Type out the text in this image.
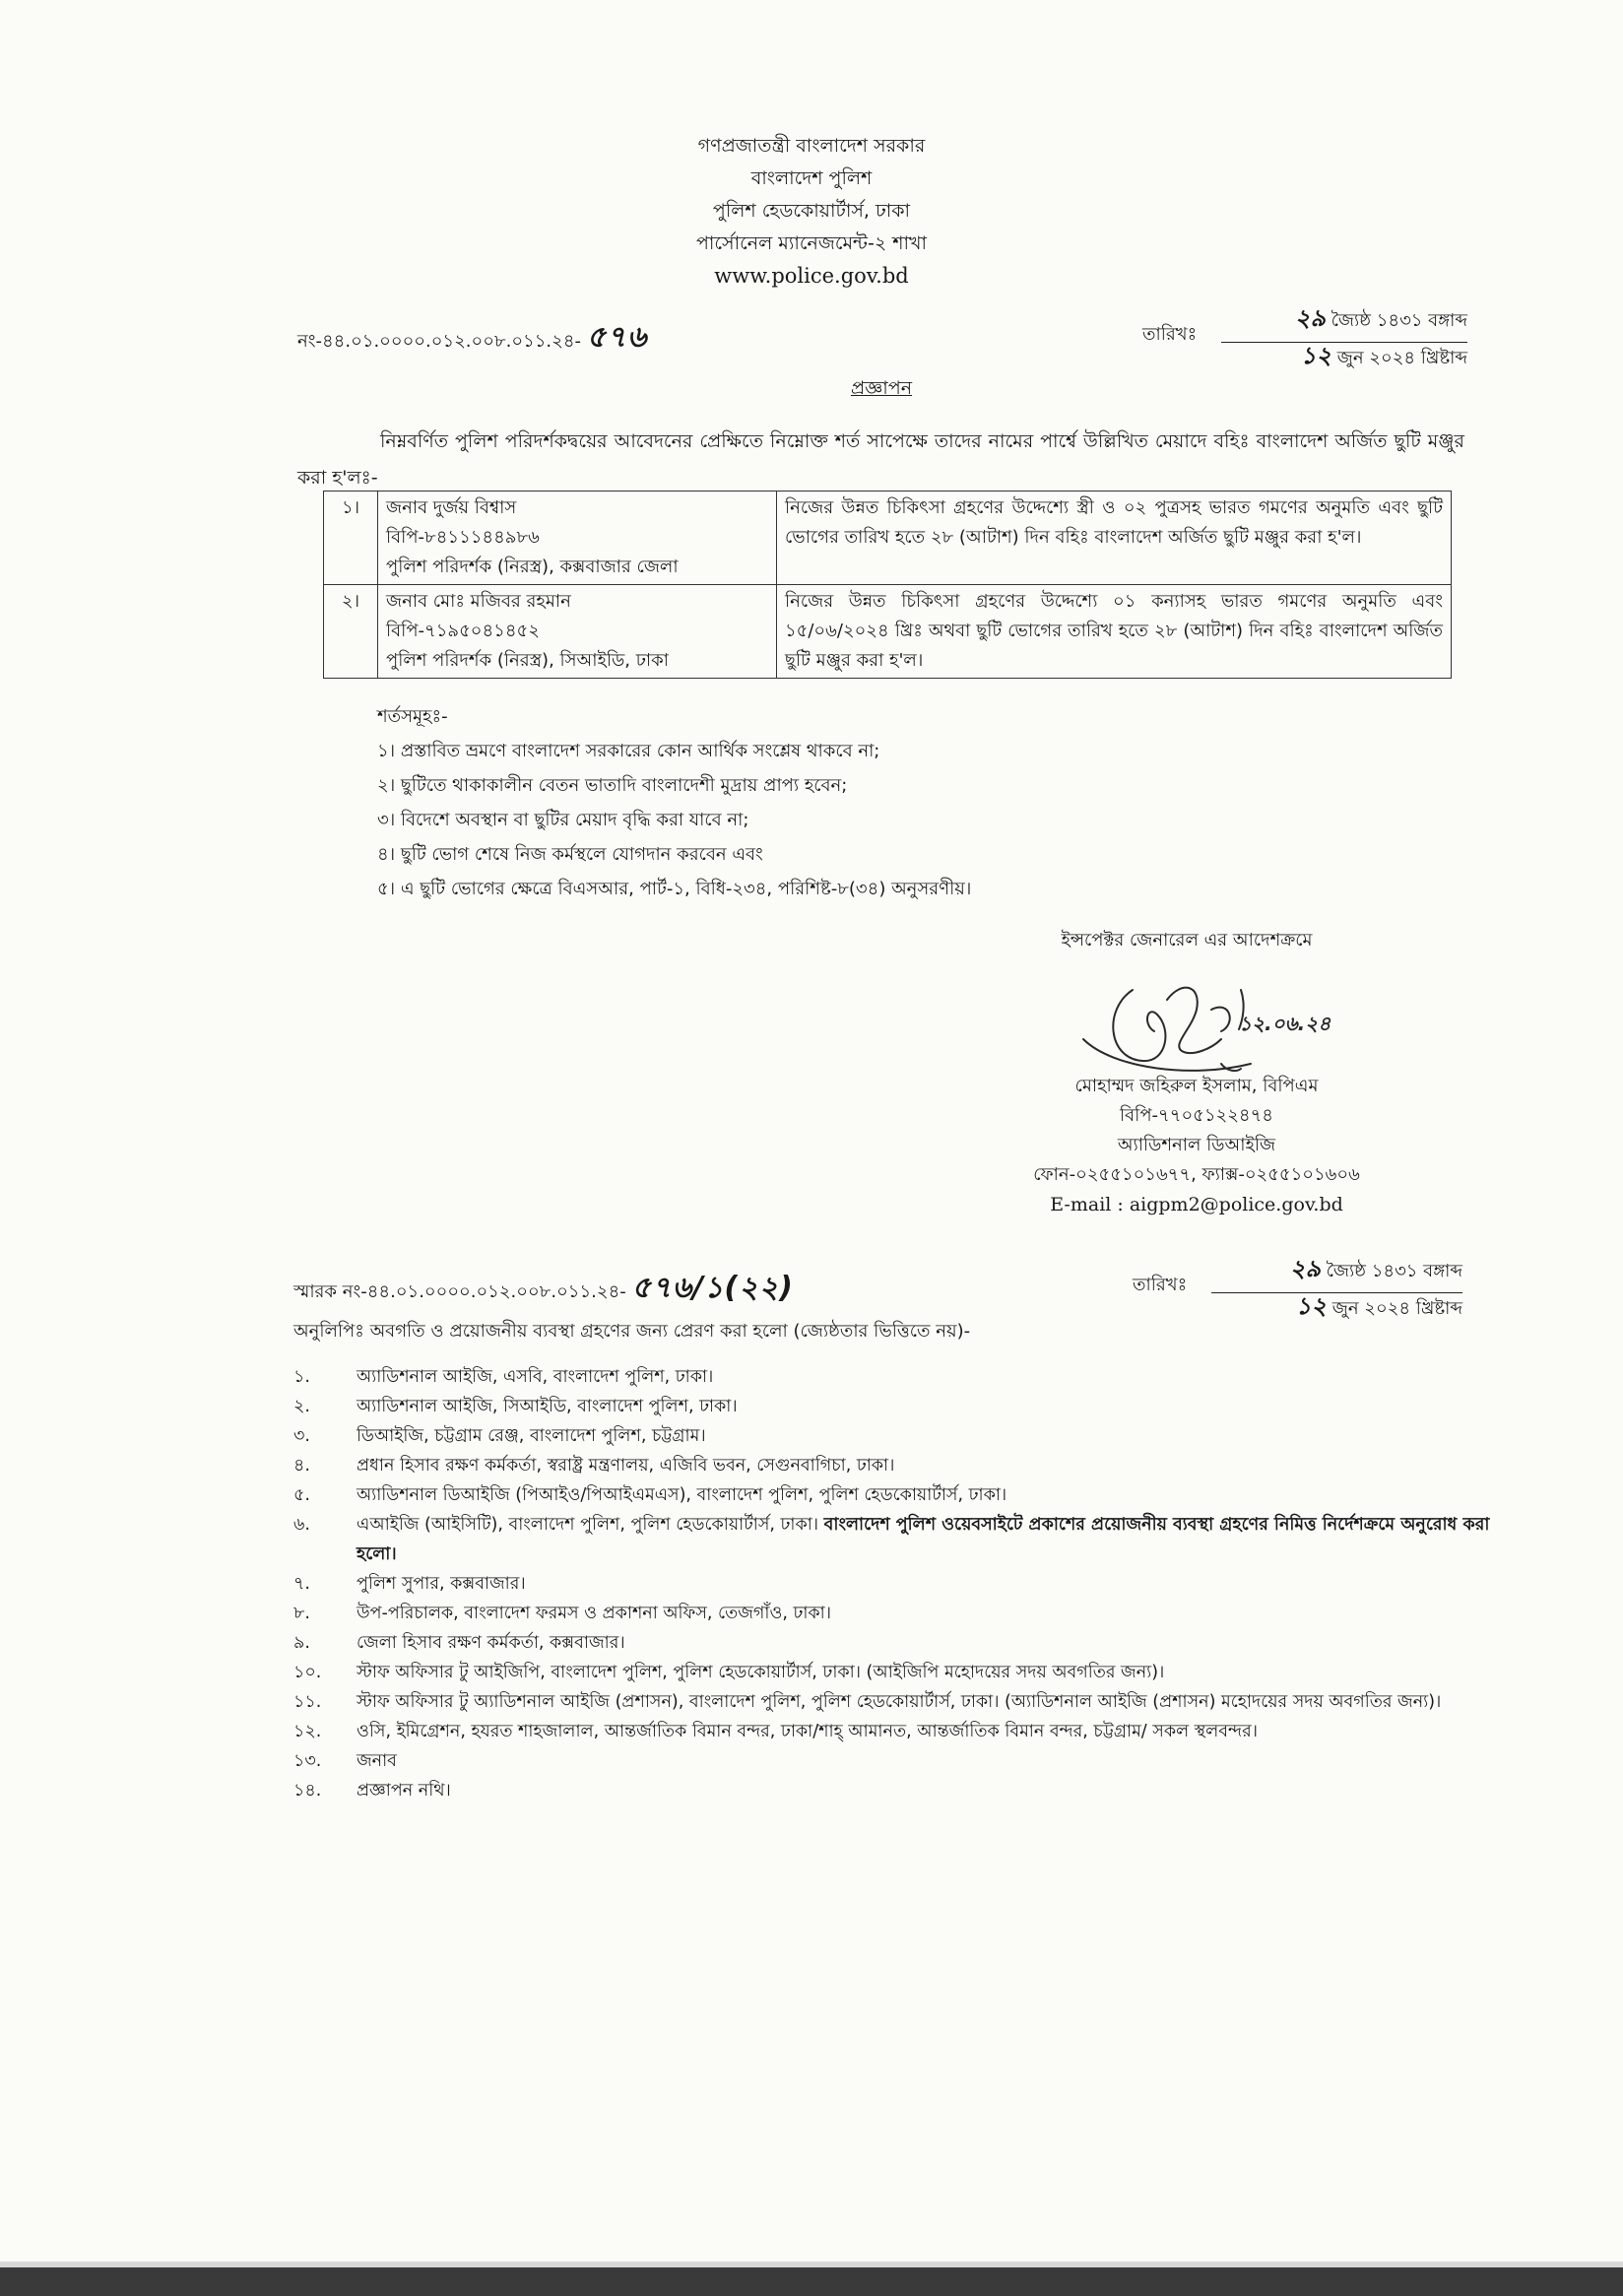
গণপ্রজাতন্ত্রী বাংলাদেশ সরকার
বাংলাদেশ পুলিশ
পুলিশ হেডকোয়ার্টার্স, ঢাকা
পার্সোনেল ম্যানেজমেন্ট-২ শাখা
www.police.gov.bd
নং-৪৪.০১.০০০০.০১২.০০৮.০১১.২৪- ৫৭৬	তারিখঃ
২৯ জ্যৈষ্ঠ ১৪৩১ বঙ্গাব্দ
১২ জুন ২০২৪ খ্রিষ্টাব্দ
প্রজ্ঞাপন
নিম্নবর্ণিত পুলিশ পরিদর্শকদ্বয়ের আবেদনের প্রেক্ষিতে নিম্নোক্ত শর্ত সাপেক্ষে তাদের নামের পার্শ্বে উল্লিখিত মেয়াদে বহিঃ বাংলাদেশ অর্জিত ছুটি মঞ্জুর করা হ'লঃ-
১।	জনাব দুর্জয় বিশ্বাস
বিপি-৮৪১১১৪৪৯৮৬
পুলিশ পরিদর্শক (নিরস্ত্র), কক্সবাজার জেলা	নিজের উন্নত চিকিৎসা গ্রহণের উদ্দেশ্যে স্ত্রী ও ০২ পুত্রসহ ভারত গমণের অনুমতি এবং ছুটি ভোগের তারিখ হতে ২৮ (আটাশ) দিন বহিঃ বাংলাদেশ অর্জিত ছুটি মঞ্জুর করা হ'ল।
২।	জনাব মোঃ মজিবর রহমান
বিপি-৭১৯৫০৪১৪৫২
পুলিশ পরিদর্শক (নিরস্ত্র), সিআইডি, ঢাকা	নিজের উন্নত চিকিৎসা গ্রহণের উদ্দেশ্যে ০১ কন্যাসহ ভারত গমণের অনুমতি এবং ১৫/০৬/২০২৪ খ্রিঃ অথবা ছুটি ভোগের তারিখ হতে ২৮ (আটাশ) দিন বহিঃ বাংলাদেশ অর্জিত ছুটি মঞ্জুর করা হ'ল।
শর্তসমূহঃ-
১। প্রস্তাবিত ভ্রমণে বাংলাদেশ সরকারের কোন আর্থিক সংশ্লেষ থাকবে না;
২। ছুটিতে থাকাকালীন বেতন ভাতাদি বাংলাদেশী মুদ্রায় প্রাপ্য হবেন;
৩। বিদেশে অবস্থান বা ছুটির মেয়াদ বৃদ্ধি করা যাবে না;
৪। ছুটি ভোগ শেষে নিজ কর্মস্থলে যোগদান করবেন এবং
৫। এ ছুটি ভোগের ক্ষেত্রে বিএসআর, পার্ট-১, বিধি-২৩৪, পরিশিষ্ট-৮(৩৪) অনুসরণীয়।
ইন্সপেক্টর জেনারেল এর আদেশক্রমে
১২.০৬.২৪
মোহাম্মদ জহিরুল ইসলাম, বিপিএম
বিপি-৭৭০৫১২২৪৭৪
অ্যাডিশনাল ডিআইজি
ফোন-০২৫৫১০১৬৭৭, ফ্যাক্স-০২৫৫১০১৬০৬
E-mail : aigpm2@police.gov.bd
স্মারক নং-৪৪.০১.০০০০.০১২.০০৮.০১১.২৪- ৫৭৬/১(২২)	তারিখঃ
২৯ জ্যৈষ্ঠ ১৪৩১ বঙ্গাব্দ
১২ জুন ২০২৪ খ্রিষ্টাব্দ
অনুলিপিঃ অবগতি ও প্রয়োজনীয় ব্যবস্থা গ্রহণের জন্য প্রেরণ করা হলো (জ্যেষ্ঠতার ভিত্তিতে নয়)-
১.	অ্যাডিশনাল আইজি, এসবি, বাংলাদেশ পুলিশ, ঢাকা।
২.	অ্যাডিশনাল আইজি, সিআইডি, বাংলাদেশ পুলিশ, ঢাকা।
৩.	ডিআইজি, চট্টগ্রাম রেঞ্জ, বাংলাদেশ পুলিশ, চট্টগ্রাম।
৪.	প্রধান হিসাব রক্ষণ কর্মকর্তা, স্বরাষ্ট্র মন্ত্রণালয়, এজিবি ভবন, সেগুনবাগিচা, ঢাকা।
৫.	অ্যাডিশনাল ডিআইজি (পিআইও/পিআইএমএস), বাংলাদেশ পুলিশ, পুলিশ হেডকোয়ার্টার্স, ঢাকা।
৬.	এআইজি (আইসিটি), বাংলাদেশ পুলিশ, পুলিশ হেডকোয়ার্টার্স, ঢাকা। বাংলাদেশ পুলিশ ওয়েবসাইটে প্রকাশের প্রয়োজনীয় ব্যবস্থা গ্রহণের নিমিত্ত নির্দেশক্রমে অনুরোধ করা হলো।
৭.	পুলিশ সুপার, কক্সবাজার।
৮.	উপ-পরিচালক, বাংলাদেশ ফরমস ও প্রকাশনা অফিস, তেজগাঁও, ঢাকা।
৯.	জেলা হিসাব রক্ষণ কর্মকর্তা, কক্সবাজার।
১০.	স্টাফ অফিসার টু আইজিপি, বাংলাদেশ পুলিশ, পুলিশ হেডকোয়ার্টার্স, ঢাকা। (আইজিপি মহোদয়ের সদয় অবগতির জন্য)।
১১.	স্টাফ অফিসার টু অ্যাডিশনাল আইজি (প্রশাসন), বাংলাদেশ পুলিশ, পুলিশ হেডকোয়ার্টার্স, ঢাকা। (অ্যাডিশনাল আইজি (প্রশাসন) মহোদয়ের সদয় অবগতির জন্য)।
১২.	ওসি, ইমিগ্রেশন, হযরত শাহজালাল, আন্তর্জাতিক বিমান বন্দর, ঢাকা/শাহ্ আমানত, আন্তর্জাতিক বিমান বন্দর, চট্টগ্রাম/ সকল স্থলবন্দর।
১৩.	জনাব
১৪.	প্রজ্ঞাপন নথি।
